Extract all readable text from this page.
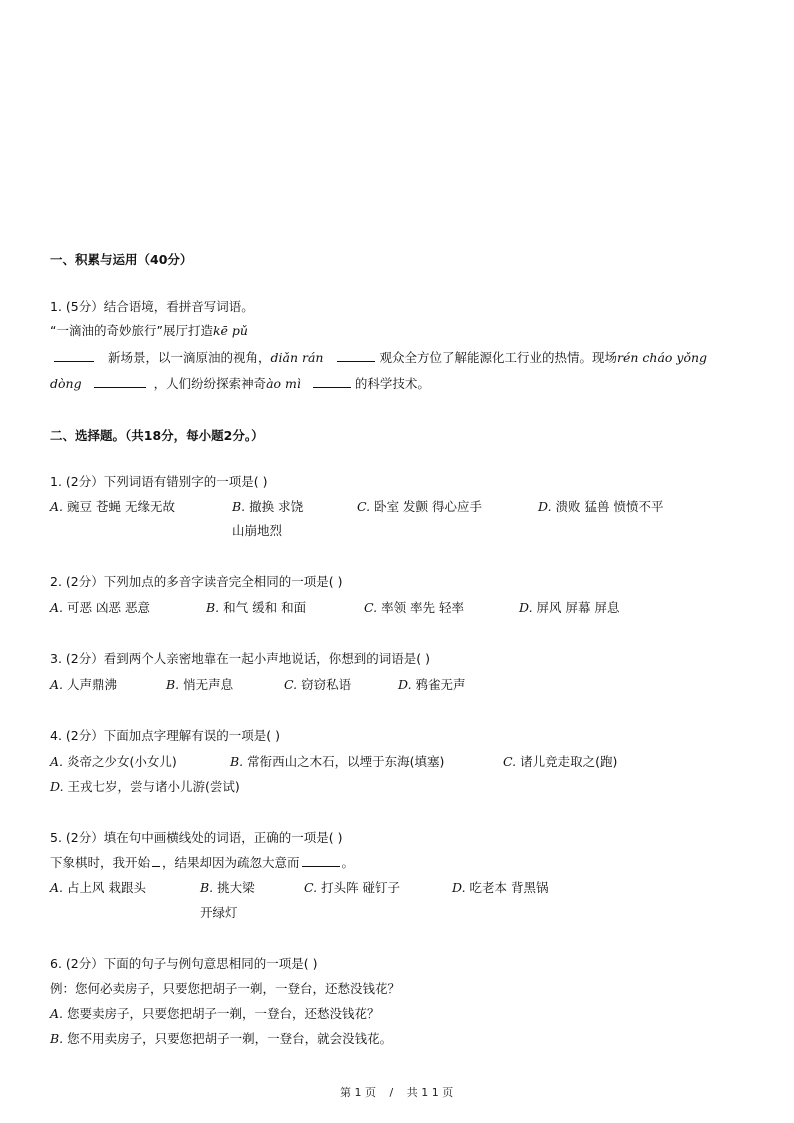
一、积累与运用（40分）
1. (5分）结合语境，看拼音写词语。
“一滴油的奇妙旅行”展厅打造kē pǔ
新场景，以一滴原油的视角，diǎn rán	观众全方位了解能源化工行业的热情。现场rén cháo yǒng
dòng	，人们纷纷探索神奇ào mì	的科学技术。
二、选择题。（共18分，每小题2分。）
1. (2分）下列词语有错别字的一项是( )
A. 豌豆 苍蝇 无缘无故	B. 撤换 求饶	C. 卧室 发颤 得心应手	D. 溃败 猛兽 愤愤不平
山崩地烈
2. (2分）下列加点的多音字读音完全相同的一项是( )
A. 可恶 凶恶 恶意	B. 和气 缓和 和面	C. 率领 率先 轻率	D. 屏风 屏幕 屏息
3. (2分）看到两个人亲密地靠在一起小声地说话，你想到的词语是( )
A. 人声鼎沸	B. 悄无声息	C. 窃窃私语	D. 鸦雀无声
4. (2分）下面加点字理解有误的一项是( )
A. 炎帝之少女(小女儿)	B. 常衔西山之木石，以堙于东海(填塞)	C. 诸儿竞走取之(跑)
D. 王戎七岁，尝与诸小儿游(尝试)
5. (2分）填在句中画横线处的词语，正确的一项是( )
下象棋时，我开始 ，结果却因为疏忽大意而	。
A. 占上风 栽跟头	B. 挑大梁	C. 打头阵 碰钉子	D. 吃老本 背黑锅
开绿灯
6. (2分）下面的句子与例句意思相同的一项是( )
例：您何必卖房子，只要您把胡子一剃，一登台，还愁没钱花？
A. 您要卖房子，只要您把胡子一剃，一登台，还愁没钱花？
B. 您不用卖房子，只要您把胡子一剃，一登台，就会没钱花。
第 1 页 / 共 1 1 页
